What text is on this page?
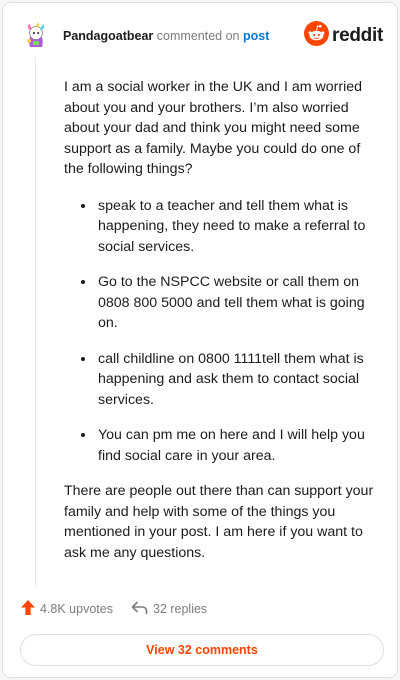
Pandagoatbear commented on post	reddit

I am a social worker in the UK and I am worried about you and your brothers. I’m also worried about your dad and think you might need some support as a family. Maybe you could do one of the following things?

• speak to a teacher and tell them what is happening, they need to make a referral to social services.
• Go to the NSPCC website or call them on 0808 800 5000 and tell them what is going on.
• call childline on 0800 1111tell them what is happening and ask them to contact social services.
• You can pm me on here and I will help you find social care in your area.

There are people out there than can support your family and help with some of the things you mentioned in your post. I am here if you want to ask me any questions.

4.8K upvotes	32 replies
View 32 comments
